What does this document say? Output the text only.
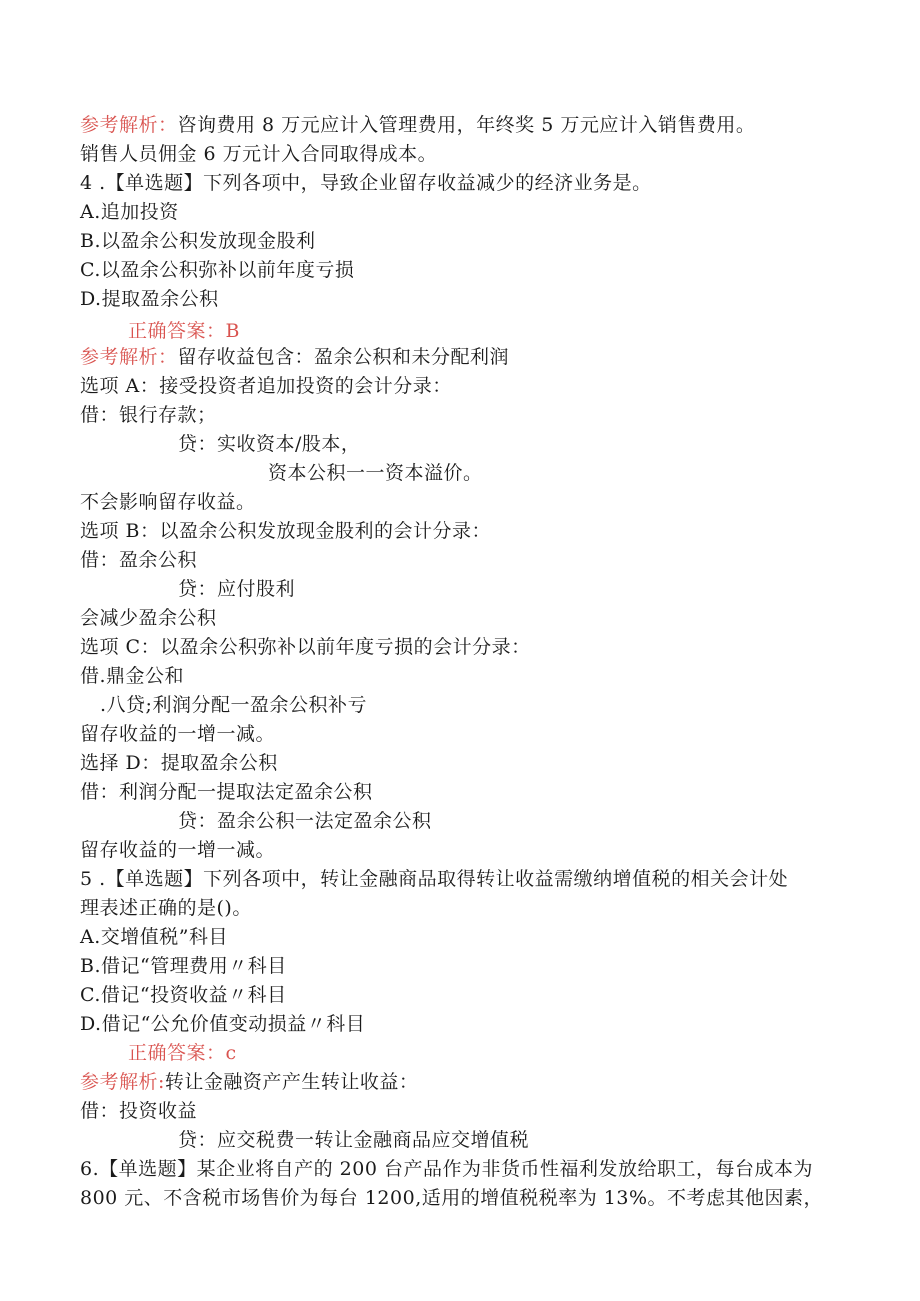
参考解析：咨询费用 8 万元应计入管理费用，年终奖 5 万元应计入销售费用。
销售人员佣金 6 万元计入合同取得成本。
4 .【单选题】下列各项中，导致企业留存收益减少的经济业务是。
A.追加投资
B.以盈余公积发放现金股利
C.以盈余公积弥补以前年度亏损
D.提取盈余公积
正确答案：B
参考解析：留存收益包含：盈余公积和未分配利润
选项 A：接受投资者追加投资的会计分录：
借：银行存款；
贷：实收资本/股本，
资本公积一一资本溢价。
不会影响留存收益。
选项 B：以盈余公积发放现金股利的会计分录：
借：盈余公积
贷：应付股利
会减少盈余公积
选项 C：以盈余公积弥补以前年度亏损的会计分录：
借.鼎金公和
.八贷;利润分配一盈余公积补亏
留存收益的一增一减。
选择 D：提取盈余公积
借：利润分配一提取法定盈余公积
贷：盈余公积一法定盈余公积
留存收益的一增一减。
5 .【单选题】下列各项中，转让金融商品取得转让收益需缴纳增值税的相关会计处
理表述正确的是()。
A.交增值税”科目
B.借记“管理费用〃科目
C.借记“投资收益〃科目
D.借记“公允价值变动损益〃科目
正确答案：c
参考解析:转让金融资产产生转让收益：
借：投资收益
贷：应交税费一转让金融商品应交增值税
6.【单选题】某企业将自产的 200 台产品作为非货币性福利发放给职工，每台成本为
800 元、不含税市场售价为每台 1200,适用的增值税税率为 13%。不考虑其他因素，
